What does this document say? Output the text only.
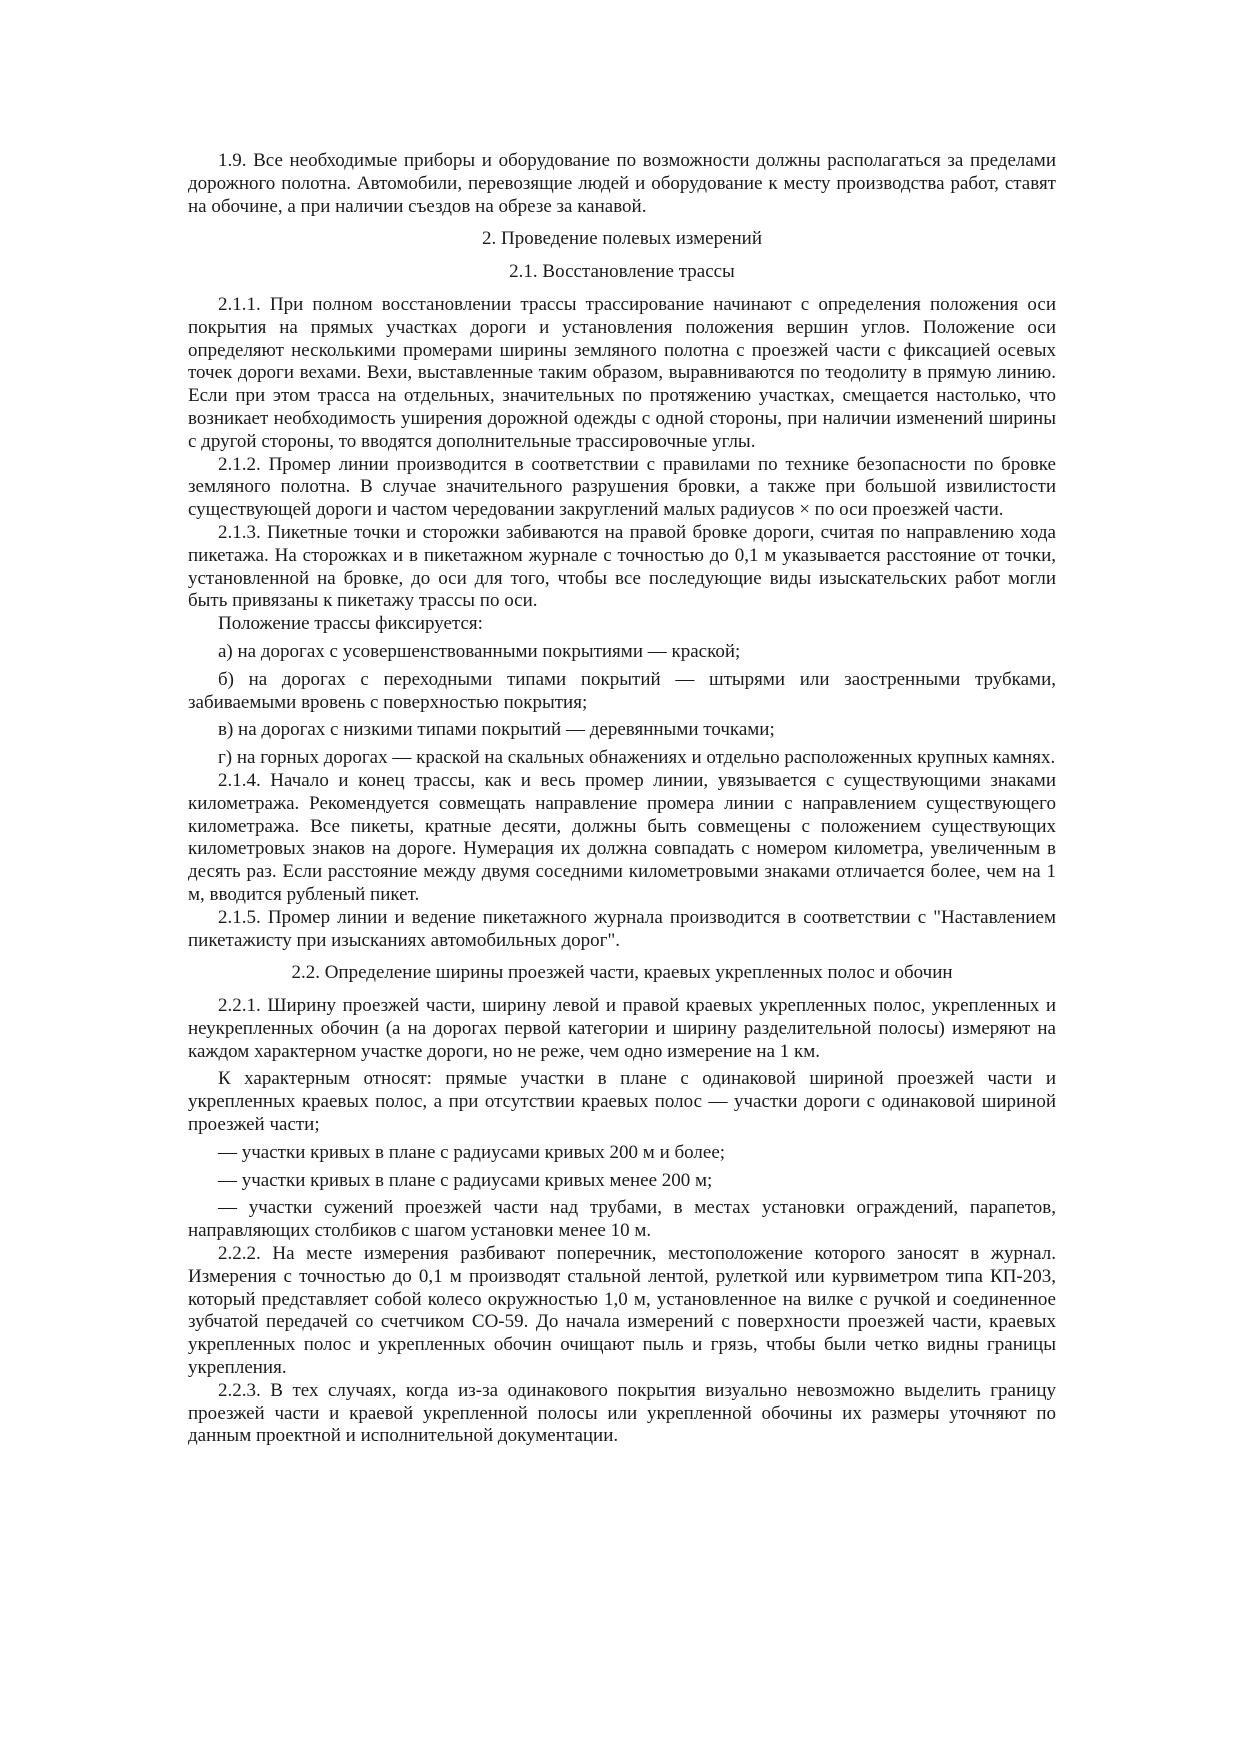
1.9. Все необходимые приборы и оборудование по возможности должны располагаться за пределами дорожного полотна. Автомобили, перевозящие людей и оборудование к месту производства работ, ставят на обочине, а при наличии съездов на обрезе за канавой.

2. Проведение полевых измерений

2.1. Восстановление трассы

2.1.1. При полном восстановлении трассы трассирование начинают с определения положения оси покрытия на прямых участках дороги и установления положения вершин углов. Положение оси определяют несколькими промерами ширины земляного полотна с проезжей части с фиксацией осевых точек дороги вехами. Вехи, выставленные таким образом, выравниваются по теодолиту в прямую линию. Если при этом трасса на отдельных, значительных по протяжению участках, смещается настолько, что возникает необходимость уширения дорожной одежды с одной стороны, при наличии изменений ширины с другой стороны, то вводятся дополнительные трассировочные углы.

2.1.2. Промер линии производится в соответствии с правилами по технике безопасности по бровке земляного полотна. В случае значительного разрушения бровки, а также при большой извилистости существующей дороги и частом чередовании закруглений малых радиусов × по оси проезжей части.

2.1.3. Пикетные точки и сторожки забиваются на правой бровке дороги, считая по направлению хода пикетажа. На сторожках и в пикетажном журнале с точностью до 0,1 м указывается расстояние от точки, установленной на бровке, до оси для того, чтобы все последующие виды изыскательских работ могли быть привязаны к пикетажу трассы по оси.

Положение трассы фиксируется:

а) на дорогах с усовершенствованными покрытиями — краской;

б) на дорогах с переходными типами покрытий — штырями или заостренными трубками, забиваемыми вровень с поверхностью покрытия;

в) на дорогах с низкими типами покрытий — деревянными точками;

г) на горных дорогах — краской на скальных обнажениях и отдельно расположенных крупных камнях.

2.1.4. Начало и конец трассы, как и весь промер линии, увязывается с существующими знаками километража. Рекомендуется совмещать направление промера линии с направлением существующего километража. Все пикеты, кратные десяти, должны быть совмещены с положением существующих километровых знаков на дороге. Нумерация их должна совпадать с номером километра, увеличенным в десять раз. Если расстояние между двумя соседними километровыми знаками отличается более, чем на 1 м, вводится рубленый пикет.

2.1.5. Промер линии и ведение пикетажного журнала производится в соответствии с "Наставлением пикетажисту при изысканиях автомобильных дорог".

2.2. Определение ширины проезжей части, краевых укрепленных полос и обочин

2.2.1. Ширину проезжей части, ширину левой и правой краевых укрепленных полос, укрепленных и неукрепленных обочин (а на дорогах первой категории и ширину разделительной полосы) измеряют на каждом характерном участке дороги, но не реже, чем одно измерение на 1 км.

К характерным относят: прямые участки в плане с одинаковой шириной проезжей части и укрепленных краевых полос, а при отсутствии краевых полос — участки дороги с одинаковой шириной проезжей части;

— участки кривых в плане с радиусами кривых 200 м и более;

— участки кривых в плане с радиусами кривых менее 200 м;

— участки сужений проезжей части над трубами, в местах установки ограждений, парапетов, направляющих столбиков с шагом установки менее 10 м.

2.2.2. На месте измерения разбивают поперечник, местоположение которого заносят в журнал. Измерения с точностью до 0,1 м производят стальной лентой, рулеткой или курвиметром типа КП-203, который представляет собой колесо окружностью 1,0 м, установленное на вилке с ручкой и соединенное зубчатой передачей со счетчиком СО-59. До начала измерений с поверхности проезжей части, краевых укрепленных полос и укрепленных обочин очищают пыль и грязь, чтобы были четко видны границы укрепления.

2.2.3. В тех случаях, когда из-за одинакового покрытия визуально невозможно выделить границу проезжей части и краевой укрепленной полосы или укрепленной обочины их размеры уточняют по данным проектной и исполнительной документации.
